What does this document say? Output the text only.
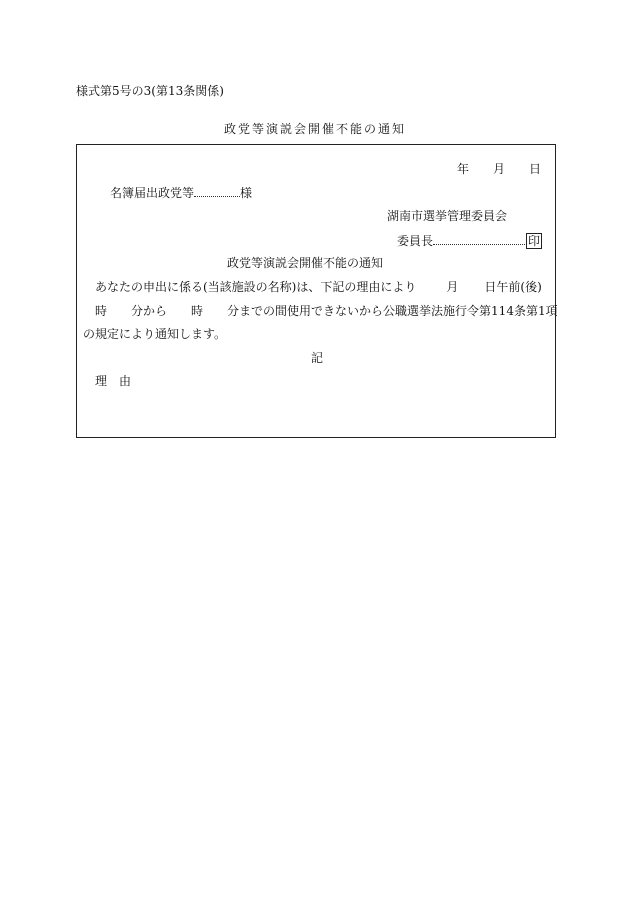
様式第5号の3(第13条関係)
政党等演説会開催不能の通知
年 月 日
名簿届出政党等	様
湖南市選挙管理委員会
委員長	印
政党等演説会開催不能の通知
あなたの申出に係る(当該施設の名称)は、下記の理由により	月 日午前(後)
時 分から 時 分までの間使用できないから公職選挙法施行令第114条第1項
の規定により通知します。
記
理　由
